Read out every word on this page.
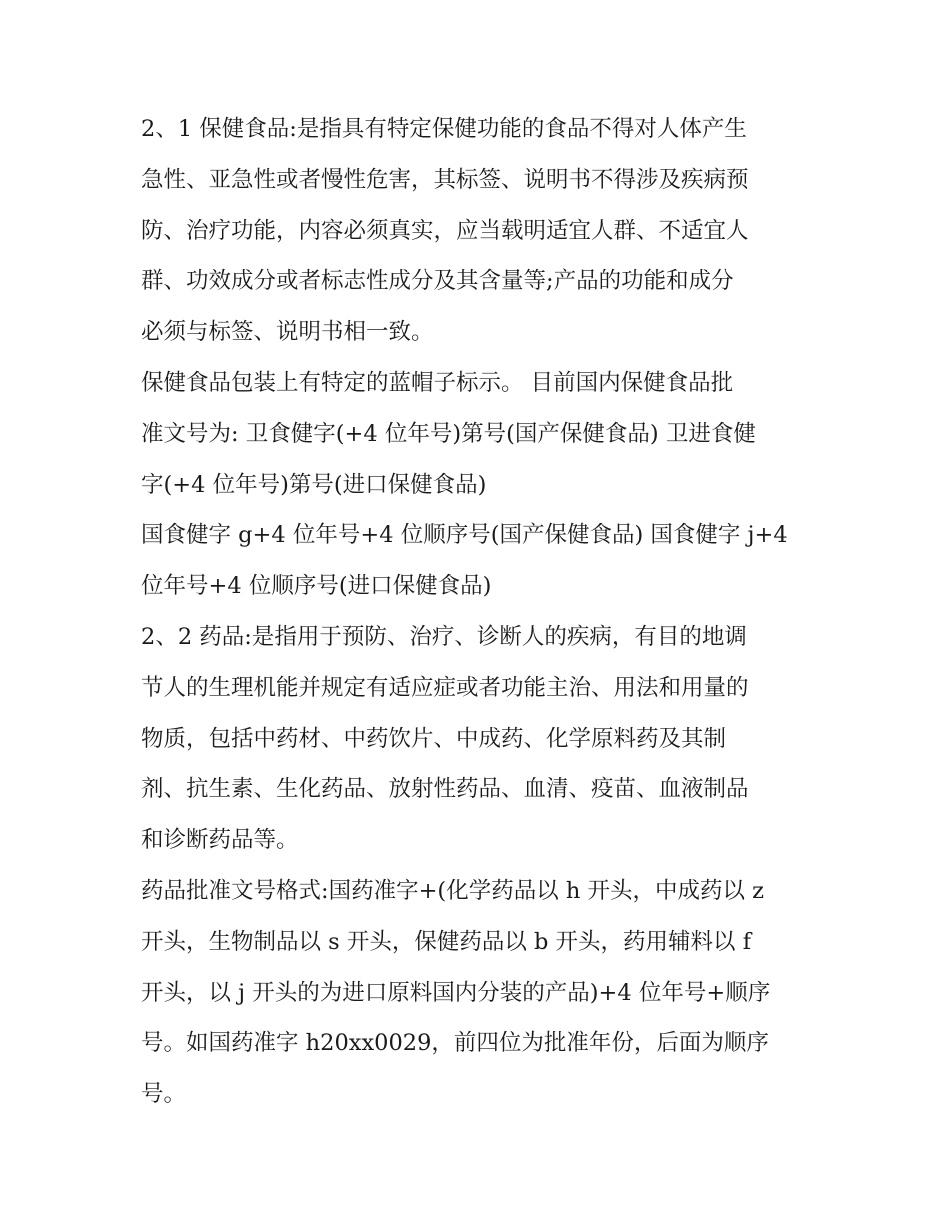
2、1 保健食品:是指具有特定保健功能的食品不得对人体产生
急性、亚急性或者慢性危害，其标签、说明书不得涉及疾病预
防、治疗功能，内容必须真实，应当载明适宜人群、不适宜人
群、功效成分或者标志性成分及其含量等;产品的功能和成分
必须与标签、说明书相一致。
保健食品包装上有特定的蓝帽子标示。 目前国内保健食品批
准文号为: 卫食健字(+4 位年号)第号(国产保健食品) 卫进食健
字(+4 位年号)第号(进口保健食品)
国食健字 g+4 位年号+4 位顺序号(国产保健食品) 国食健字 j+4
位年号+4 位顺序号(进口保健食品)
2、2 药品:是指用于预防、治疗、诊断人的疾病，有目的地调
节人的生理机能并规定有适应症或者功能主治、用法和用量的
物质，包括中药材、中药饮片、中成药、化学原料药及其制
剂、抗生素、生化药品、放射性药品、血清、疫苗、血液制品
和诊断药品等。
药品批准文号格式:国药准字+(化学药品以 h 开头，中成药以 z
开头，生物制品以 s 开头，保健药品以 b 开头，药用辅料以 f
开头，以 j 开头的为进口原料国内分装的产品)+4 位年号+顺序
号。如国药准字 h20xx0029，前四位为批准年份，后面为顺序
号。
